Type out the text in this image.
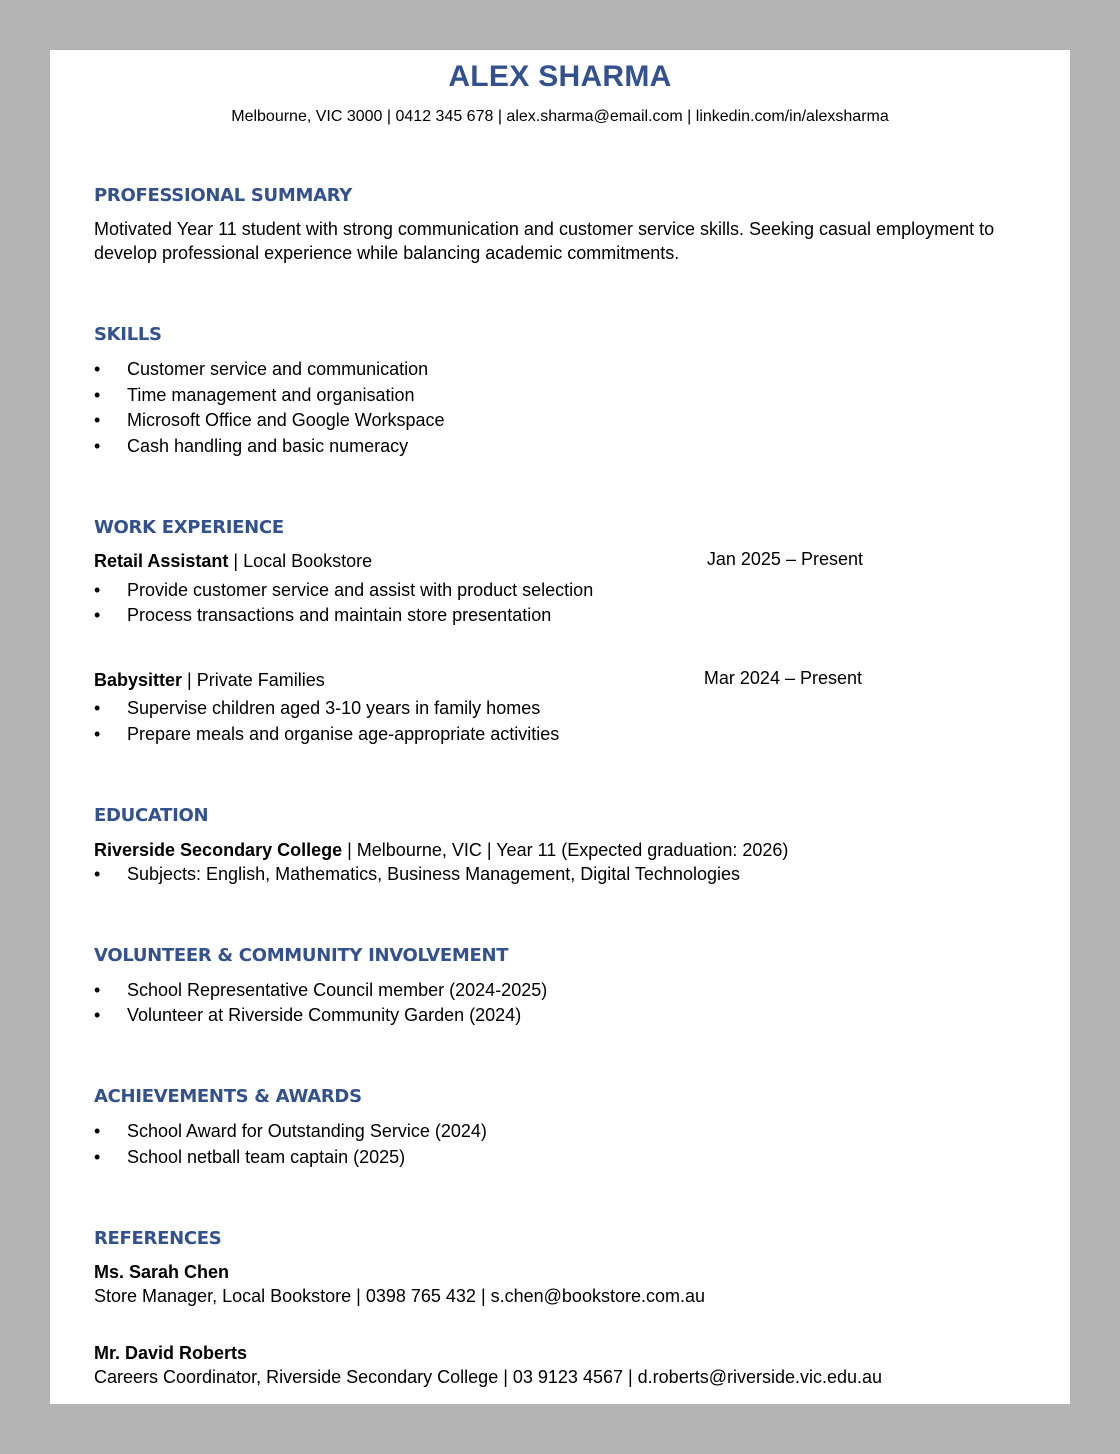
ALEX SHARMA
Melbourne, VIC 3000 | 0412 345 678 | alex.sharma@email.com | linkedin.com/in/alexsharma
PROFESSIONAL SUMMARY
Motivated Year 11 student with strong communication and customer service skills. Seeking casual employment to
develop professional experience while balancing academic commitments.
SKILLS
• Customer service and communication
• Time management and organisation
• Microsoft Office and Google Workspace
• Cash handling and basic numeracy
WORK EXPERIENCE
Retail Assistant | Local Bookstore	Jan 2025 – Present
• Provide customer service and assist with product selection
• Process transactions and maintain store presentation
Babysitter | Private Families	Mar 2024 – Present
• Supervise children aged 3-10 years in family homes
• Prepare meals and organise age-appropriate activities
EDUCATION
Riverside Secondary College | Melbourne, VIC | Year 11 (Expected graduation: 2026)
• Subjects: English, Mathematics, Business Management, Digital Technologies
VOLUNTEER & COMMUNITY INVOLVEMENT
• School Representative Council member (2024-2025)
• Volunteer at Riverside Community Garden (2024)
ACHIEVEMENTS & AWARDS
• School Award for Outstanding Service (2024)
• School netball team captain (2025)
REFERENCES
Ms. Sarah Chen
Store Manager, Local Bookstore | 0398 765 432 | s.chen@bookstore.com.au
Mr. David Roberts
Careers Coordinator, Riverside Secondary College | 03 9123 4567 | d.roberts@riverside.vic.edu.au
